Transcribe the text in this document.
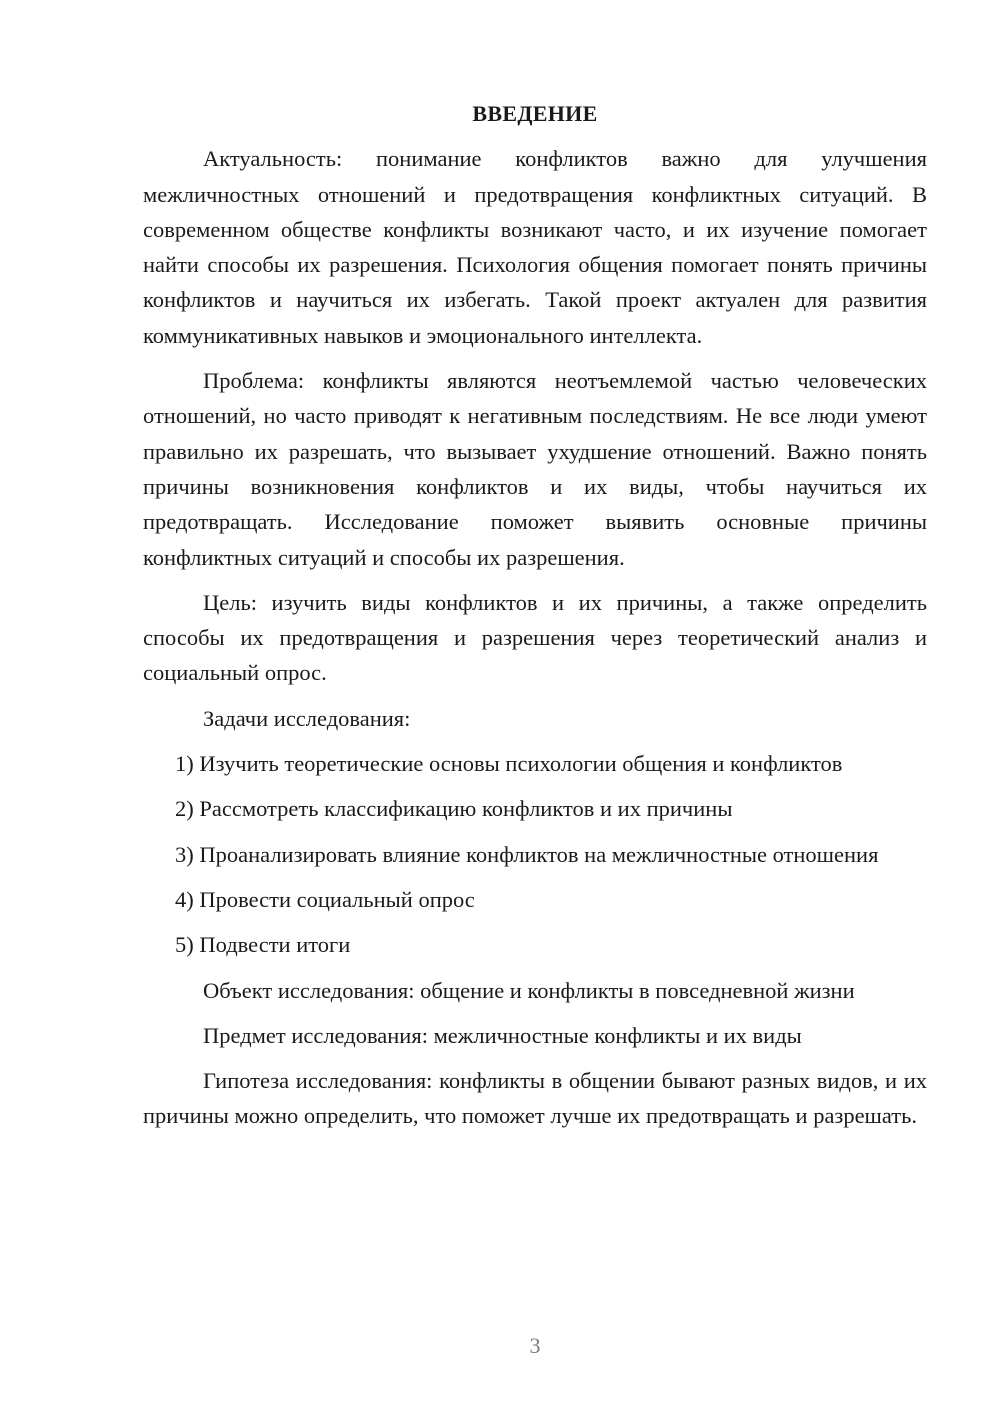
ВВЕДЕНИЕ

Актуальность: понимание конфликтов важно для улучшения межличностных отношений и предотвращения конфликтных ситуаций. В современном обществе конфликты возникают часто, и их изучение помогает найти способы их разрешения. Психология общения помогает понять причины конфликтов и научиться их избегать. Такой проект актуален для развития коммуникативных навыков и эмоционального интеллекта.

Проблема: конфликты являются неотъемлемой частью человеческих отношений, но часто приводят к негативным последствиям. Не все люди умеют правильно их разрешать, что вызывает ухудшение отношений. Важно понять причины возникновения конфликтов и их виды, чтобы научиться их предотвращать. Исследование поможет выявить основные причины конфликтных ситуаций и способы их разрешения.

Цель: изучить виды конфликтов и их причины, а также определить способы их предотвращения и разрешения через теоретический анализ и социальный опрос.

Задачи исследования:

1) Изучить теоретические основы психологии общения и конфликтов

2) Рассмотреть классификацию конфликтов и их причины

3) Проанализировать влияние конфликтов на межличностные отношения

4) Провести социальный опрос

5) Подвести итоги

Объект исследования: общение и конфликты в повседневной жизни

Предмет исследования: межличностные конфликты и их виды

Гипотеза исследования: конфликты в общении бывают разных видов, и их причины можно определить, что поможет лучше их предотвращать и разрешать.

3
